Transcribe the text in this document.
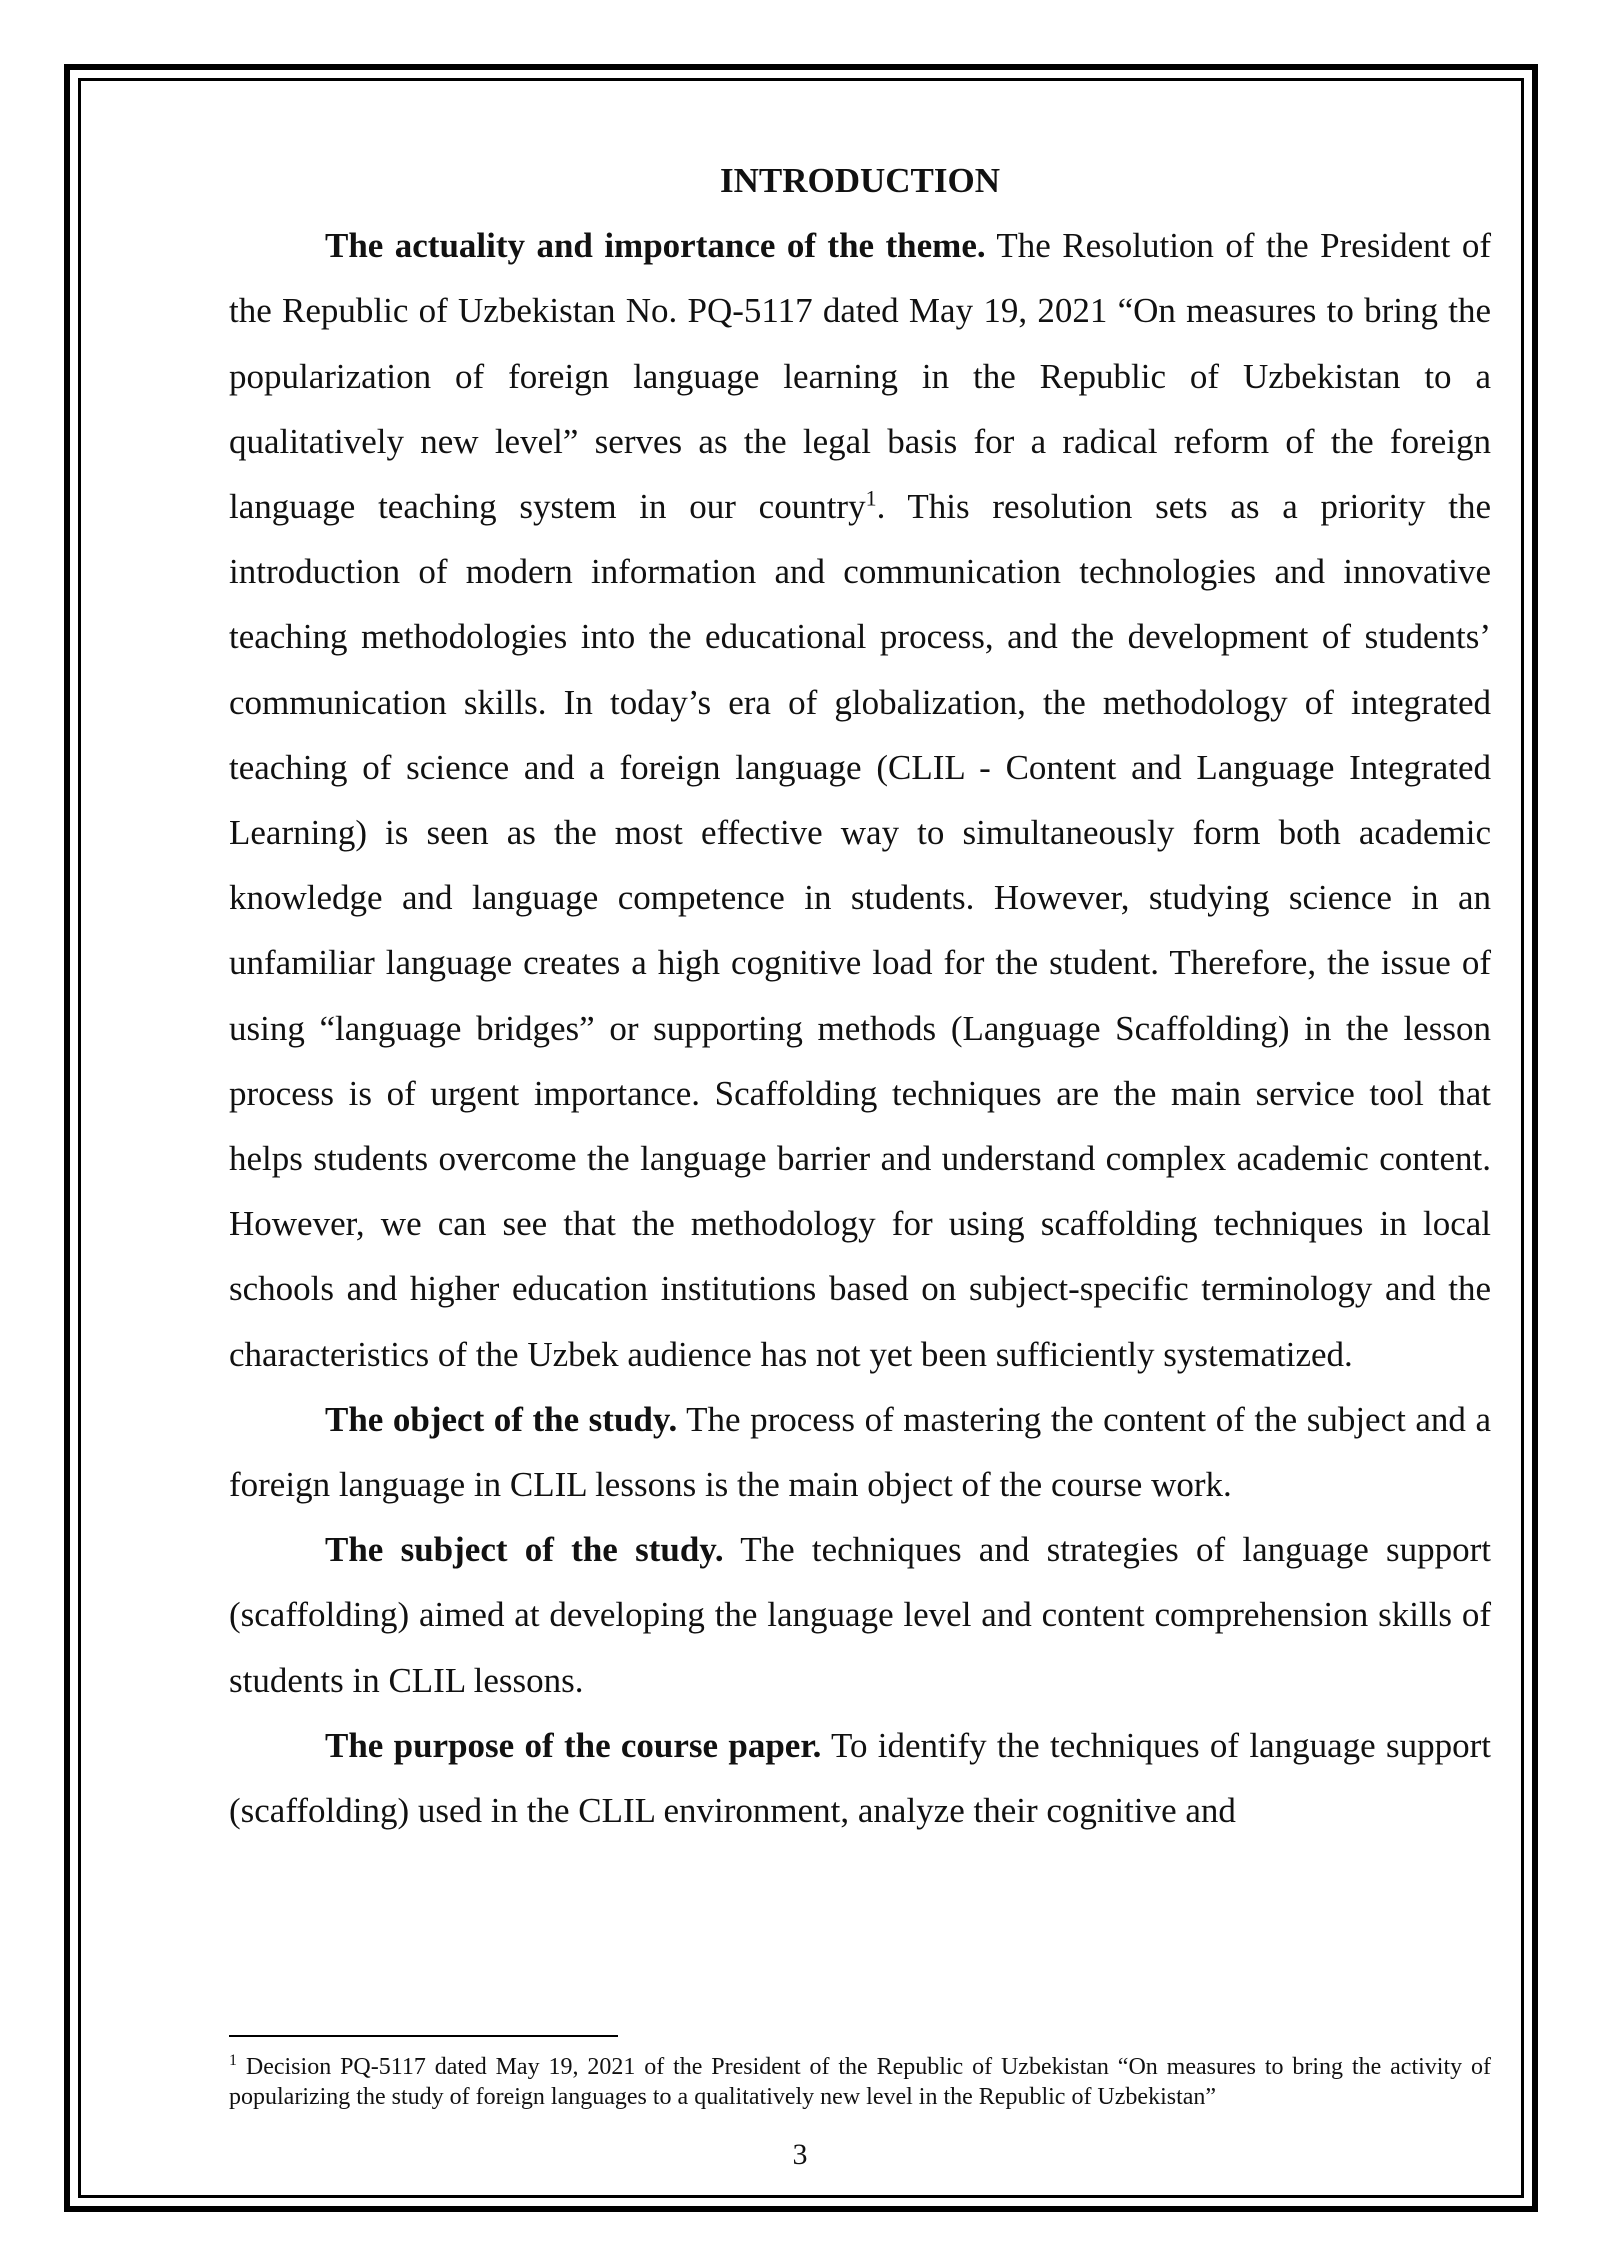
INTRODUCTION

The actuality and importance of the theme. The Resolution of the President of the Republic of Uzbekistan No. PQ-5117 dated May 19, 2021 “On measures to bring the popularization of foreign language learning in the Republic of Uzbekistan to a qualitatively new level” serves as the legal basis for a radical reform of the foreign language teaching system in our country$^1$. This resolution sets as a priority the introduction of modern information and communication technologies and innovative teaching methodologies into the educational process, and the development of students’ communication skills. In today’s era of globalization, the methodology of integrated teaching of science and a foreign language (CLIL - Content and Language Integrated Learning) is seen as the most effective way to simultaneously form both academic knowledge and language competence in students. However, studying science in an unfamiliar language creates a high cognitive load for the student. Therefore, the issue of using “language bridges” or supporting methods (Language Scaffolding) in the lesson process is of urgent importance. Scaffolding techniques are the main service tool that helps students overcome the language barrier and understand complex academic content. However, we can see that the methodology for using scaffolding techniques in local schools and higher education institutions based on subject-specific terminology and the characteristics of the Uzbek audience has not yet been sufficiently systematized.

The object of the study. The process of mastering the content of the subject and a foreign language in CLIL lessons is the main object of the course work.

The subject of the study. The techniques and strategies of language support (scaffolding) aimed at developing the language level and content comprehension skills of students in CLIL lessons.

The purpose of the course paper. To identify the techniques of language support (scaffolding) used in the CLIL environment, analyze their cognitive and

$^1$ Decision PQ-5117 dated May 19, 2021 of the President of the Republic of Uzbekistan “On measures to bring the activity of popularizing the study of foreign languages to a qualitatively new level in the Republic of Uzbekistan”
3
